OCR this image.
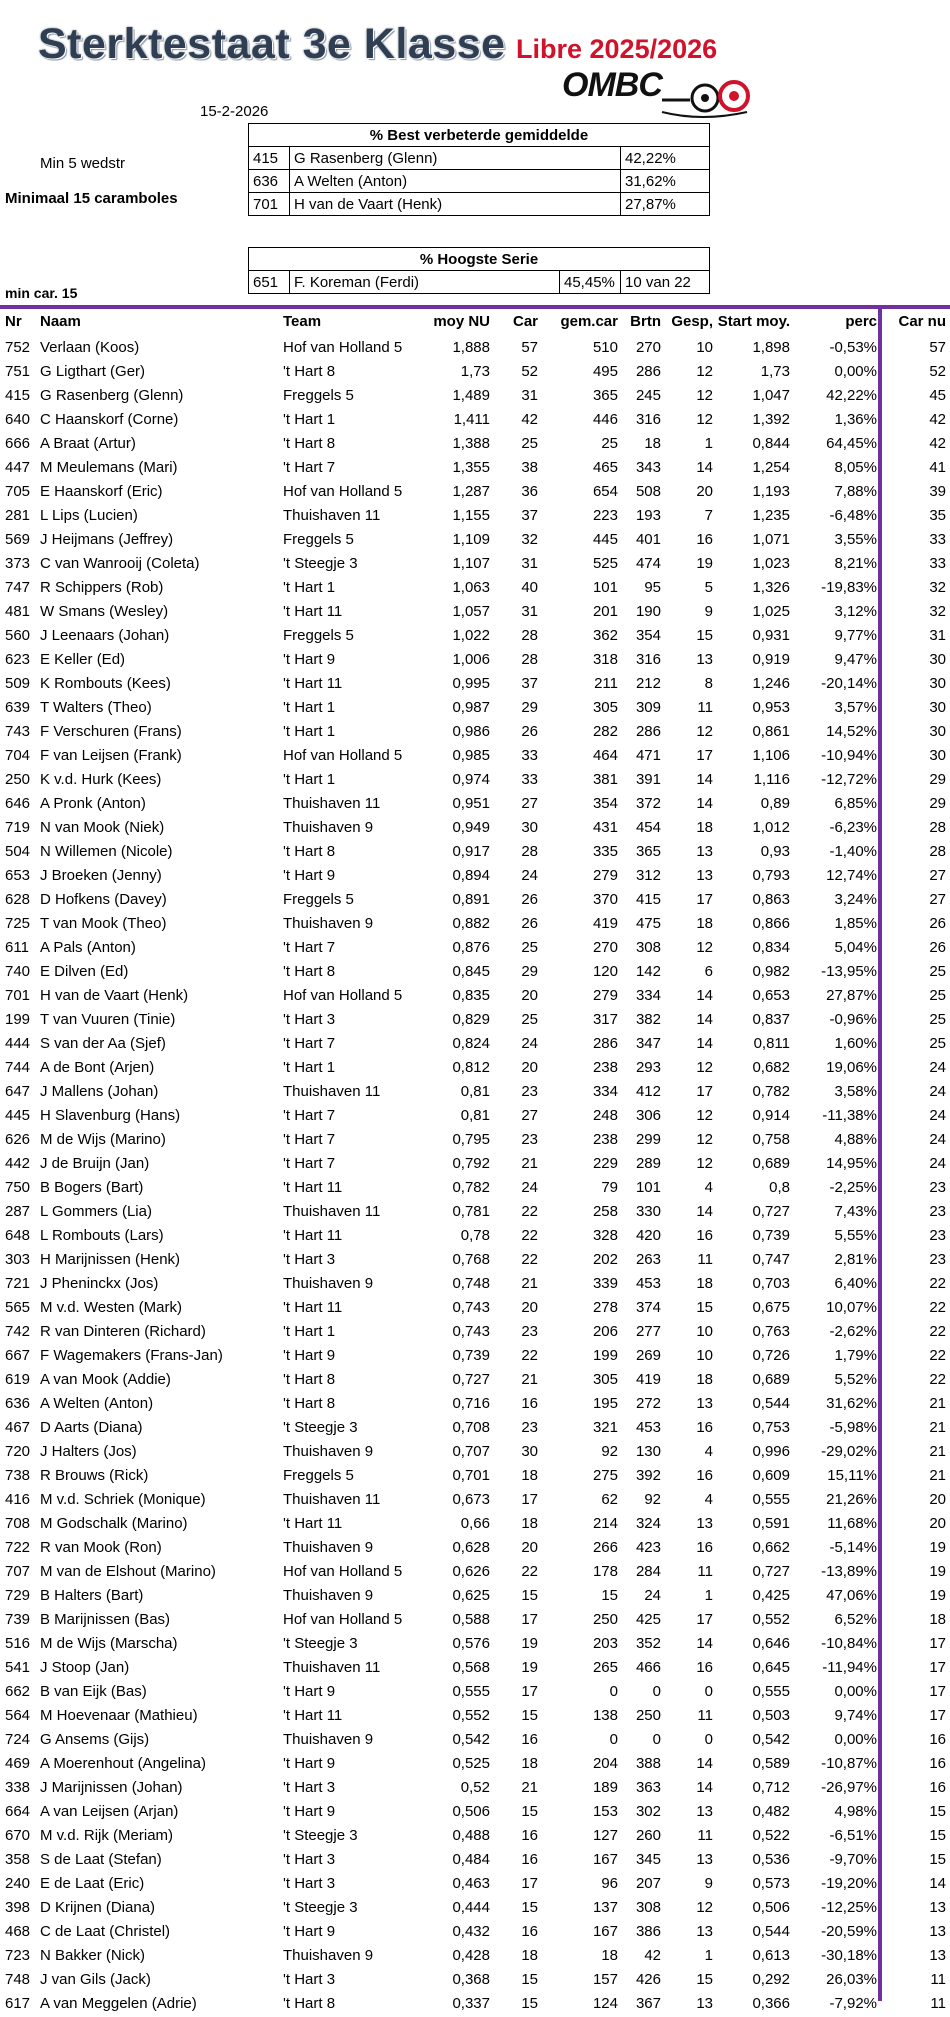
Sterktestaat 3e Klasse Libre 2025/2026
OMBC
15-2-2026
Min 5 wedstr
Minimaal 15 caramboles
min car. 15
% Best verbeterde gemiddelde		
415	G Rasenberg (Glenn)	42,22%
636	A Welten (Anton)	31,62%
701	H van de Vaart (Henk)	27,87%
% Hoogste Serie
651	F. Koreman (Ferdi)	45,45%	10 van 22
Nr Naam	Team	moy NU Car gem.car Brtn Gesp, Start moy.	perc Car nu
752 Verlaan (Koos)	Hof van Holland 5	1,888 57	510 270 10	1,898	-0,53%	57
751 G Ligthart (Ger)	't Hart 8	1,73 52	495 286 12	1,73	0,00%	52
415 G Rasenberg (Glenn)	Freggels 5	1,489 31	365 245 12	1,047 42,22%	45
640 C Haanskorf (Corne)	't Hart 1	1,411 42	446 316 12	1,392	1,36%	42
666 A Braat (Artur)	't Hart 8	1,388 25	25 18	1	0,844 64,45%	42
447 M Meulemans (Mari)	't Hart 7	1,355 38	465 343 14	1,254	8,05%	41
705 E Haanskorf (Eric)	Hof van Holland 5	1,287 36	654 508 20	1,193	7,88%	39
281 L Lips (Lucien)	Thuishaven 11	1,155 37	223 193	7	1,235	-6,48%	35
569 J Heijmans (Jeffrey)	Freggels 5	1,109 32	445 401 16	1,071	3,55%	33
373 C van Wanrooij (Coleta)	't Steegje 3	1,107 31	525 474 19	1,023	8,21%	33
747 R Schippers (Rob)	't Hart 1	1,063 40	101 95	5	1,326 -19,83%	32
481 W Smans (Wesley)	't Hart 11	1,057 31	201 190	9	1,025	3,12%	32
560 J Leenaars (Johan)	Freggels 5	1,022 28	362 354 15	0,931	9,77%	31
623 E Keller (Ed)	't Hart 9	1,006 28	318 316 13	0,919	9,47%	30
509 K Rombouts (Kees)	't Hart 11	0,995 37	211 212	8	1,246 -20,14%	30
639 T Walters (Theo)	't Hart 1	0,987 29	305 309 11	0,953	3,57%	30
743 F Verschuren (Frans)	't Hart 1	0,986 26	282 286 12	0,861 14,52%	30
704 F van Leijsen (Frank)	Hof van Holland 5	0,985 33	464 471 17	1,106 -10,94%	30
250 K v.d. Hurk (Kees)	't Hart 1	0,974 33	381 391 14	1,116 -12,72%	29
646 A Pronk (Anton)	Thuishaven 11	0,951 27	354 372 14	0,89	6,85%	29
719 N van Mook (Niek)	Thuishaven 9	0,949 30	431 454 18	1,012	-6,23%	28
504 N Willemen (Nicole)	't Hart 8	0,917 28	335 365 13	0,93	-1,40%	28
653 J Broeken (Jenny)	't Hart 9	0,894 24	279 312 13	0,793 12,74%	27
628 D Hofkens (Davey)	Freggels 5	0,891 26	370 415 17	0,863	3,24%	27
725 T van Mook (Theo)	Thuishaven 9	0,882 26	419 475 18	0,866	1,85%	26
611 A Pals (Anton)	't Hart 7	0,876 25	270 308 12	0,834	5,04%	26
740 E Dilven (Ed)	't Hart 8	0,845 29	120 142	6	0,982 -13,95%	25
701 H van de Vaart (Henk)	Hof van Holland 5	0,835 20	279 334 14	0,653 27,87%	25
199 T van Vuuren (Tinie)	't Hart 3	0,829 25	317 382 14	0,837	-0,96%	25
444 S van der Aa (Sjef)	't Hart 7	0,824 24	286 347 14	0,811	1,60%	25
744 A de Bont (Arjen)	't Hart 1	0,812 20	238 293 12	0,682 19,06%	24
647 J Mallens (Johan)	Thuishaven 11	0,81 23	334 412 17	0,782	3,58%	24
445 H Slavenburg (Hans)	't Hart 7	0,81 27	248 306 12	0,914 -11,38%	24
626 M de Wijs (Marino)	't Hart 7	0,795 23	238 299 12	0,758	4,88%	24
442 J de Bruijn (Jan)	't Hart 7	0,792 21	229 289 12	0,689 14,95%	24
750 B Bogers (Bart)	't Hart 11	0,782 24	79 101	4	0,8	-2,25%	23
287 L Gommers (Lia)	Thuishaven 11	0,781 22	258 330 14	0,727	7,43%	23
648 L Rombouts (Lars)	't Hart 11	0,78 22	328 420 16	0,739	5,55%	23
303 H Marijnissen (Henk)	't Hart 3	0,768 22	202 263 11	0,747	2,81%	23
721 J Pheninckx (Jos)	Thuishaven 9	0,748 21	339 453 18	0,703	6,40%	22
565 M v.d. Westen (Mark)	't Hart 11	0,743 20	278 374 15	0,675 10,07%	22
742 R van Dinteren (Richard)	't Hart 1	0,743 23	206 277 10	0,763	-2,62%	22
667 F Wagemakers (Frans-Jan)	't Hart 9	0,739 22	199 269 10	0,726	1,79%	22
619 A van Mook (Addie)	't Hart 8	0,727 21	305 419 18	0,689	5,52%	22
636 A Welten (Anton)	't Hart 8	0,716 16	195 272 13	0,544 31,62%	21
467 D Aarts (Diana)	't Steegje 3	0,708 23	321 453 16	0,753	-5,98%	21
720 J Halters (Jos)	Thuishaven 9	0,707 30	92 130	4	0,996 -29,02%	21
738 R Brouws (Rick)	Freggels 5	0,701 18	275 392 16	0,609 15,11%	21
416 M v.d. Schriek (Monique)	Thuishaven 11	0,673 17	62 92	4	0,555 21,26%	20
708 M Godschalk (Marino)	't Hart 11	0,66 18	214 324 13	0,591 11,68%	20
722 R van Mook (Ron)	Thuishaven 9	0,628 20	266 423 16	0,662	-5,14%	19
707 M van de Elshout (Marino)	Hof van Holland 5	0,626 22	178 284 11	0,727 -13,89%	19
729 B Halters (Bart)	Thuishaven 9	0,625 15	15 24	1	0,425 47,06%	19
739 B Marijnissen (Bas)	Hof van Holland 5	0,588 17	250 425 17	0,552	6,52%	18
516 M de Wijs (Marscha)	't Steegje 3	0,576 19	203 352 14	0,646 -10,84%	17
541 J Stoop (Jan)	Thuishaven 11	0,568 19	265 466 16	0,645 -11,94%	17
662 B van Eijk (Bas)	't Hart 9	0,555 17	0 0	0	0,555	0,00%	17
564 M Hoevenaar (Mathieu)	't Hart 11	0,552 15	138 250 11	0,503	9,74%	17
724 G Ansems (Gijs)	Thuishaven 9	0,542 16	0 0	0	0,542	0,00%	16
469 A Moerenhout (Angelina)	't Hart 9	0,525 18	204 388 14	0,589 -10,87%	16
338 J Marijnissen (Johan)	't Hart 3	0,52 21	189 363 14	0,712 -26,97%	16
664 A van Leijsen (Arjan)	't Hart 9	0,506 15	153 302 13	0,482	4,98%	15
670 M v.d. Rijk (Meriam)	't Steegje 3	0,488 16	127 260 11	0,522	-6,51%	15
358 S de Laat (Stefan)	't Hart 3	0,484 16	167 345 13	0,536	-9,70%	15
240 E de Laat (Eric)	't Hart 3	0,463 17	96 207	9	0,573 -19,20%	14
398 D Krijnen (Diana)	't Steegje 3	0,444 15	137 308 12	0,506 -12,25%	13
468 C de Laat (Christel)	't Hart 9	0,432 16	167 386 13	0,544 -20,59%	13
723 N Bakker (Nick)	Thuishaven 9	0,428 18	18 42	1	0,613 -30,18%	13
748 J van Gils (Jack)	't Hart 3	0,368 15	157 426 15	0,292 26,03%	11
617 A van Meggelen (Adrie)	't Hart 8	0,337 15	124 367 13	0,366	-7,92%	11
